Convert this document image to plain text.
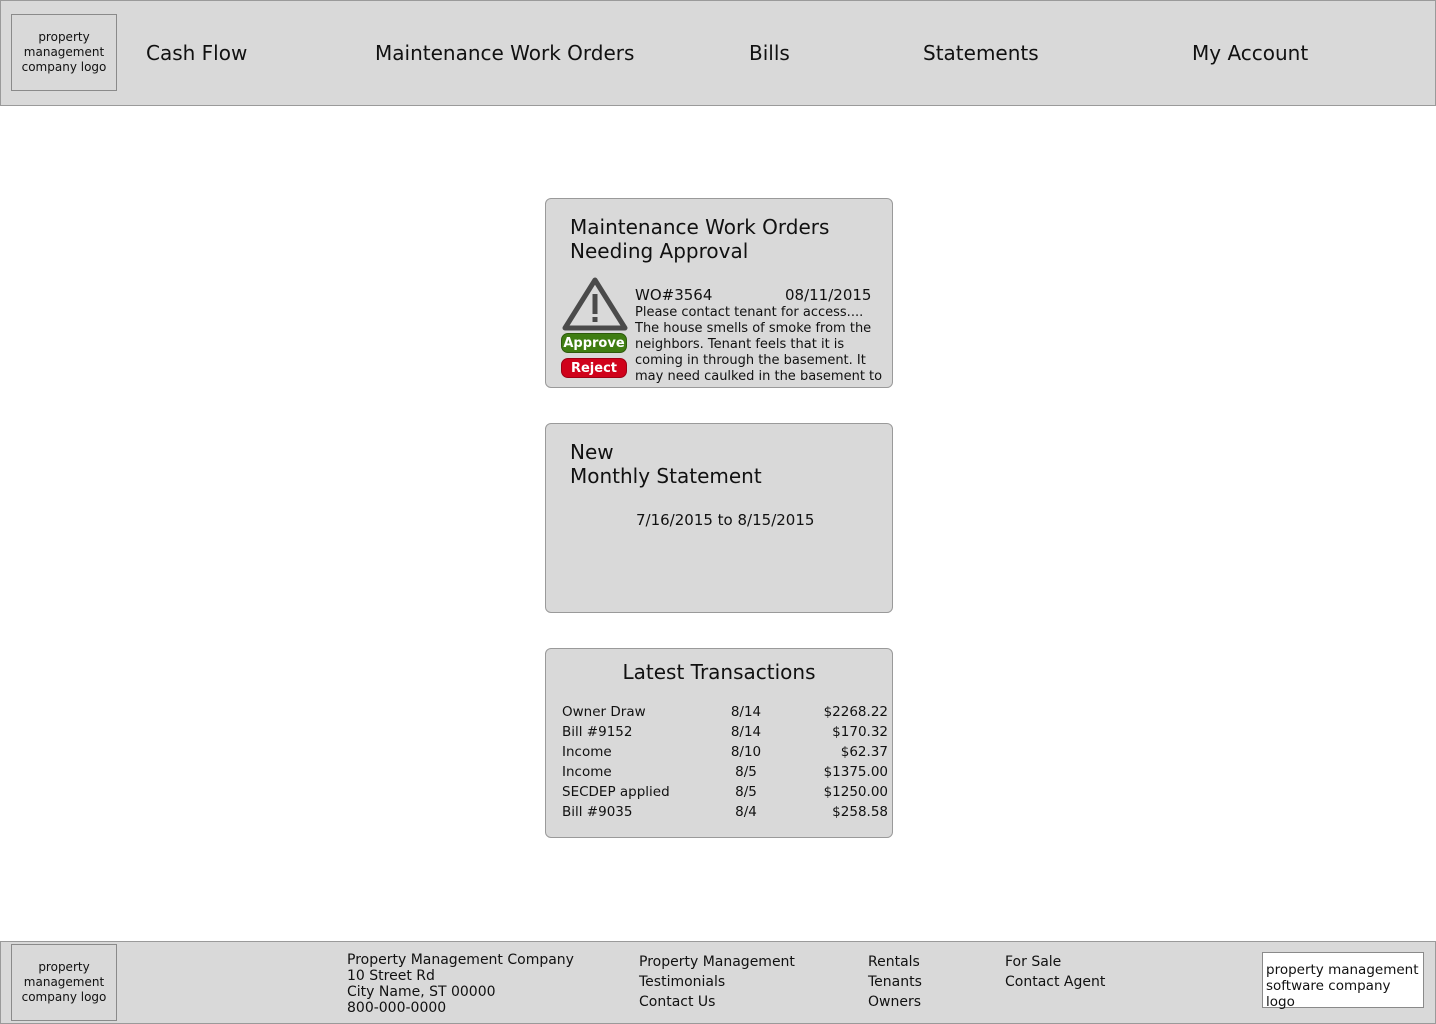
property management company logo
Cash Flow	Maintenance Work Orders	Bills	Statements	My Account
Maintenance Work Orders
Needing Approval
Approve
Reject
WO#3564	08/11/2015
Please contact tenant for access.... The house smells of smoke from the neighbors. Tenant feels that it is coming in through the basement. It may need caulked in the basement to
New
Monthly Statement
7/16/2015 to 8/15/2015
Latest Transactions
Owner Draw	8/14	$2268.22
Bill #9152	8/14	$170.32
Income	8/10	$62.37
Income	8/5	$1375.00
SECDEP applied	8/5	$1250.00
Bill #9035	8/4	$258.58
property management company logo
Property Management Company
10 Street Rd
City Name, ST 00000
800-000-0000
Property Management
Testimonials
Contact Us
Rentals
Tenants
Owners
For Sale
Contact Agent
property management software company logo
